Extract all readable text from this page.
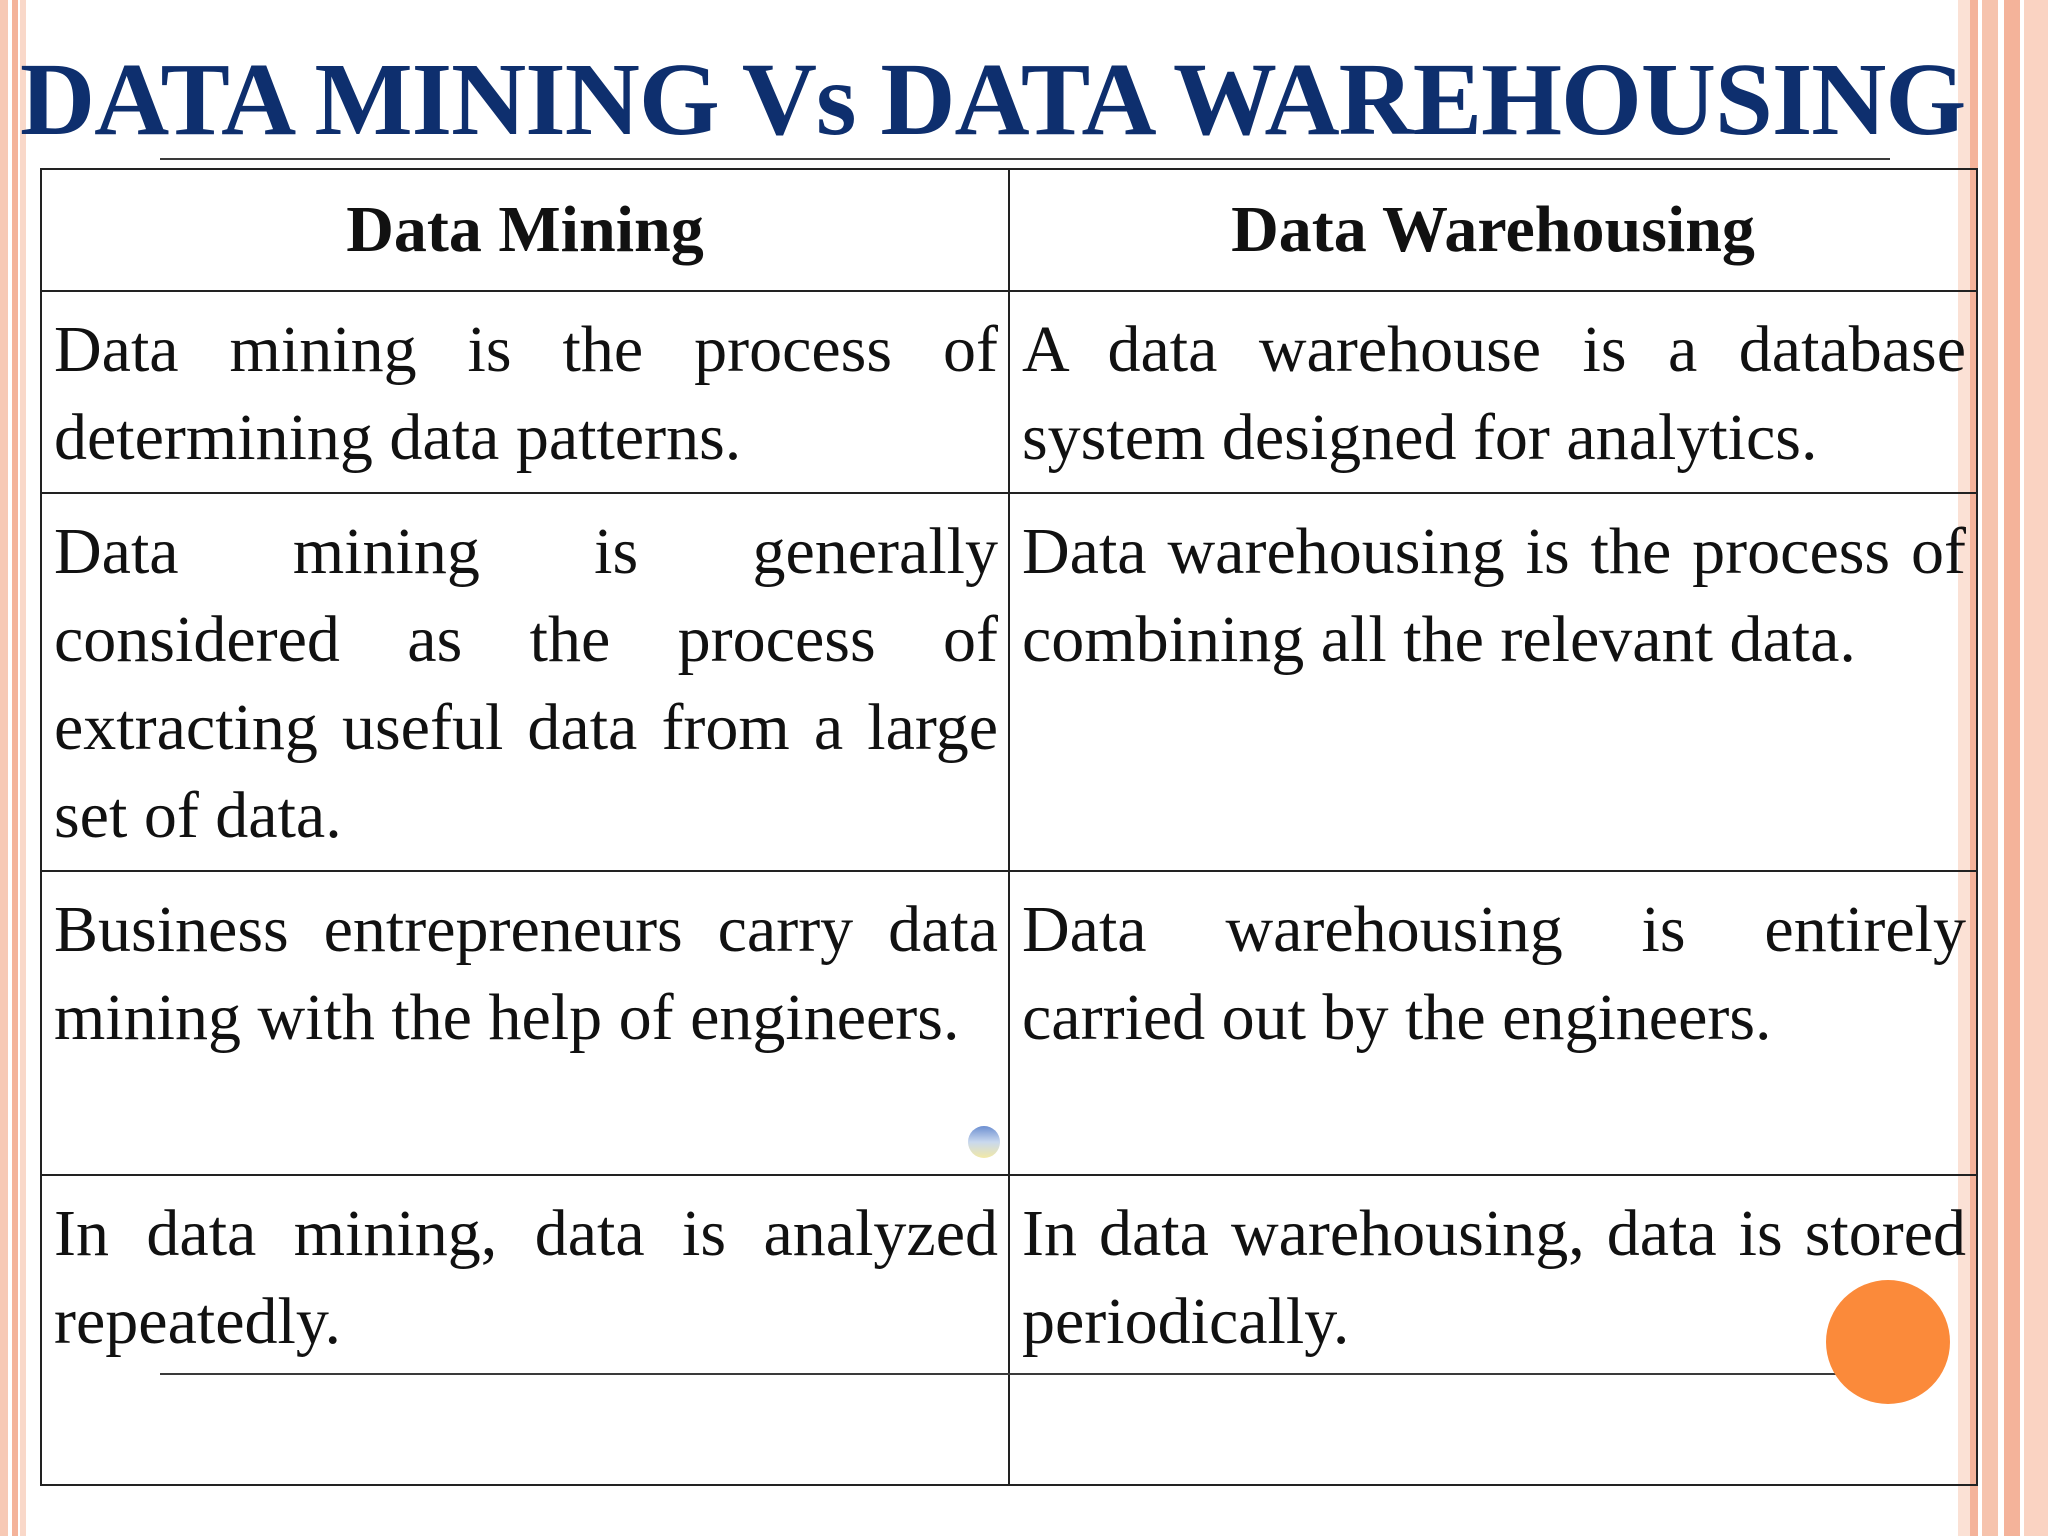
DATA MINING Vs DATA WAREHOUSING
Data Mining	Data Warehousing
Data mining is the process of determining data patterns.	A data warehouse is a database system designed for analytics.
Data mining is generally considered as the process of extracting useful data from a large set of data.	Data warehousing is the process of combining all the relevant data.
Business entrepreneurs carry data mining with the help of engineers.	Data warehousing is entirely carried out by the engineers.
In data mining, data is analyzed repeatedly.	In data warehousing, data is stored periodically.
